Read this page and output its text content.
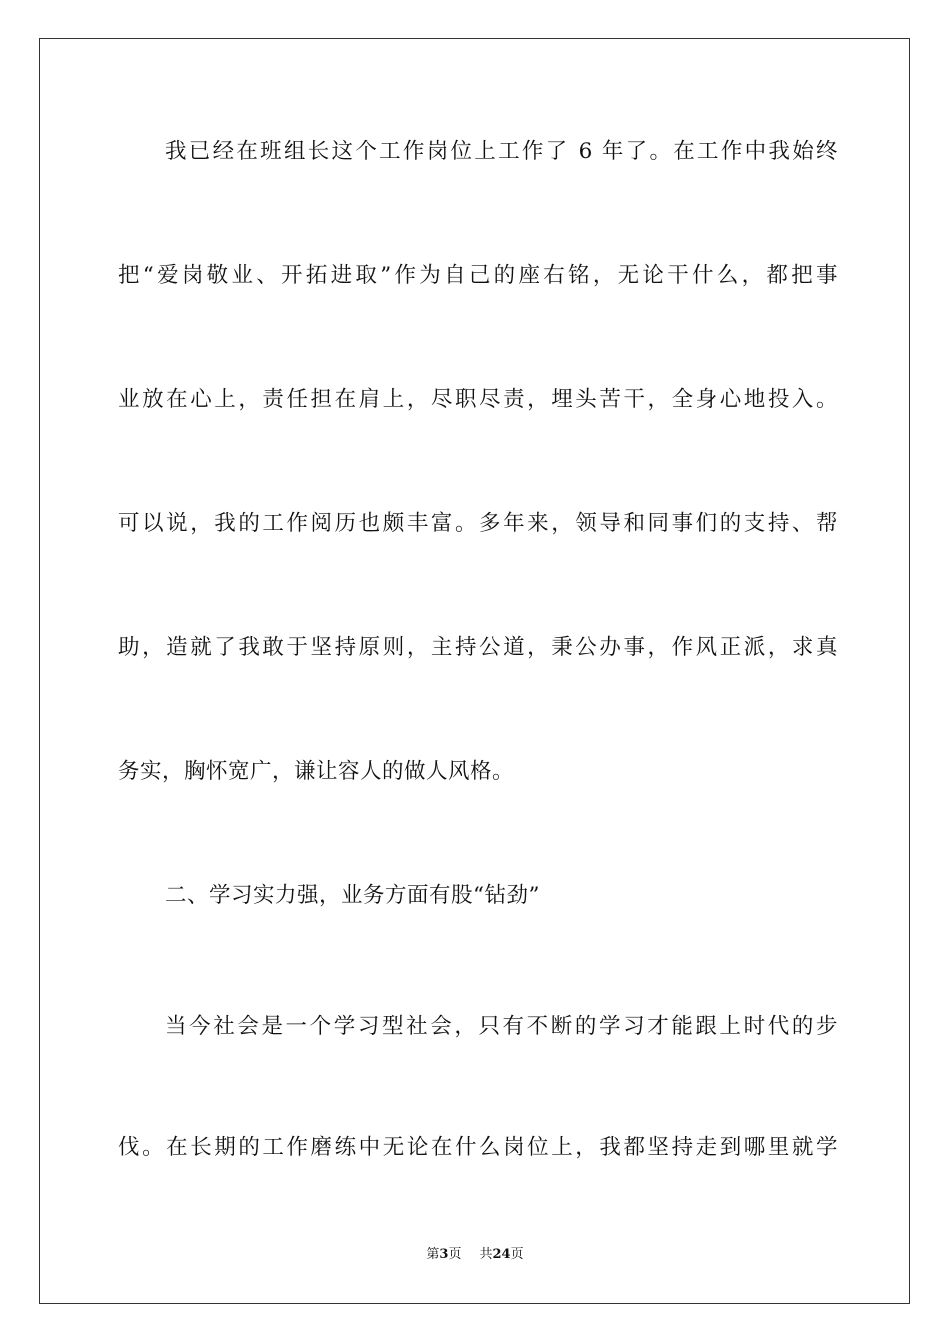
我已经在班组长这个工作岗位上工作了 6 年了。在工作中我始终
把“爱岗敬业、开拓进取”作为自己的座右铭，无论干什么，都把事
业放在心上，责任担在肩上，尽职尽责，埋头苦干，全身心地投入。
可以说，我的工作阅历也颇丰富。多年来，领导和同事们的支持、帮
助，造就了我敢于坚持原则，主持公道，秉公办事，作风正派，求真
务实，胸怀宽广，谦让容人的做人风格。
二、学习实力强，业务方面有股“钻劲”
当今社会是一个学习型社会，只有不断的学习才能跟上时代的步
伐。在长期的工作磨练中无论在什么岗位上，我都坚持走到哪里就学
第3页 共24页
